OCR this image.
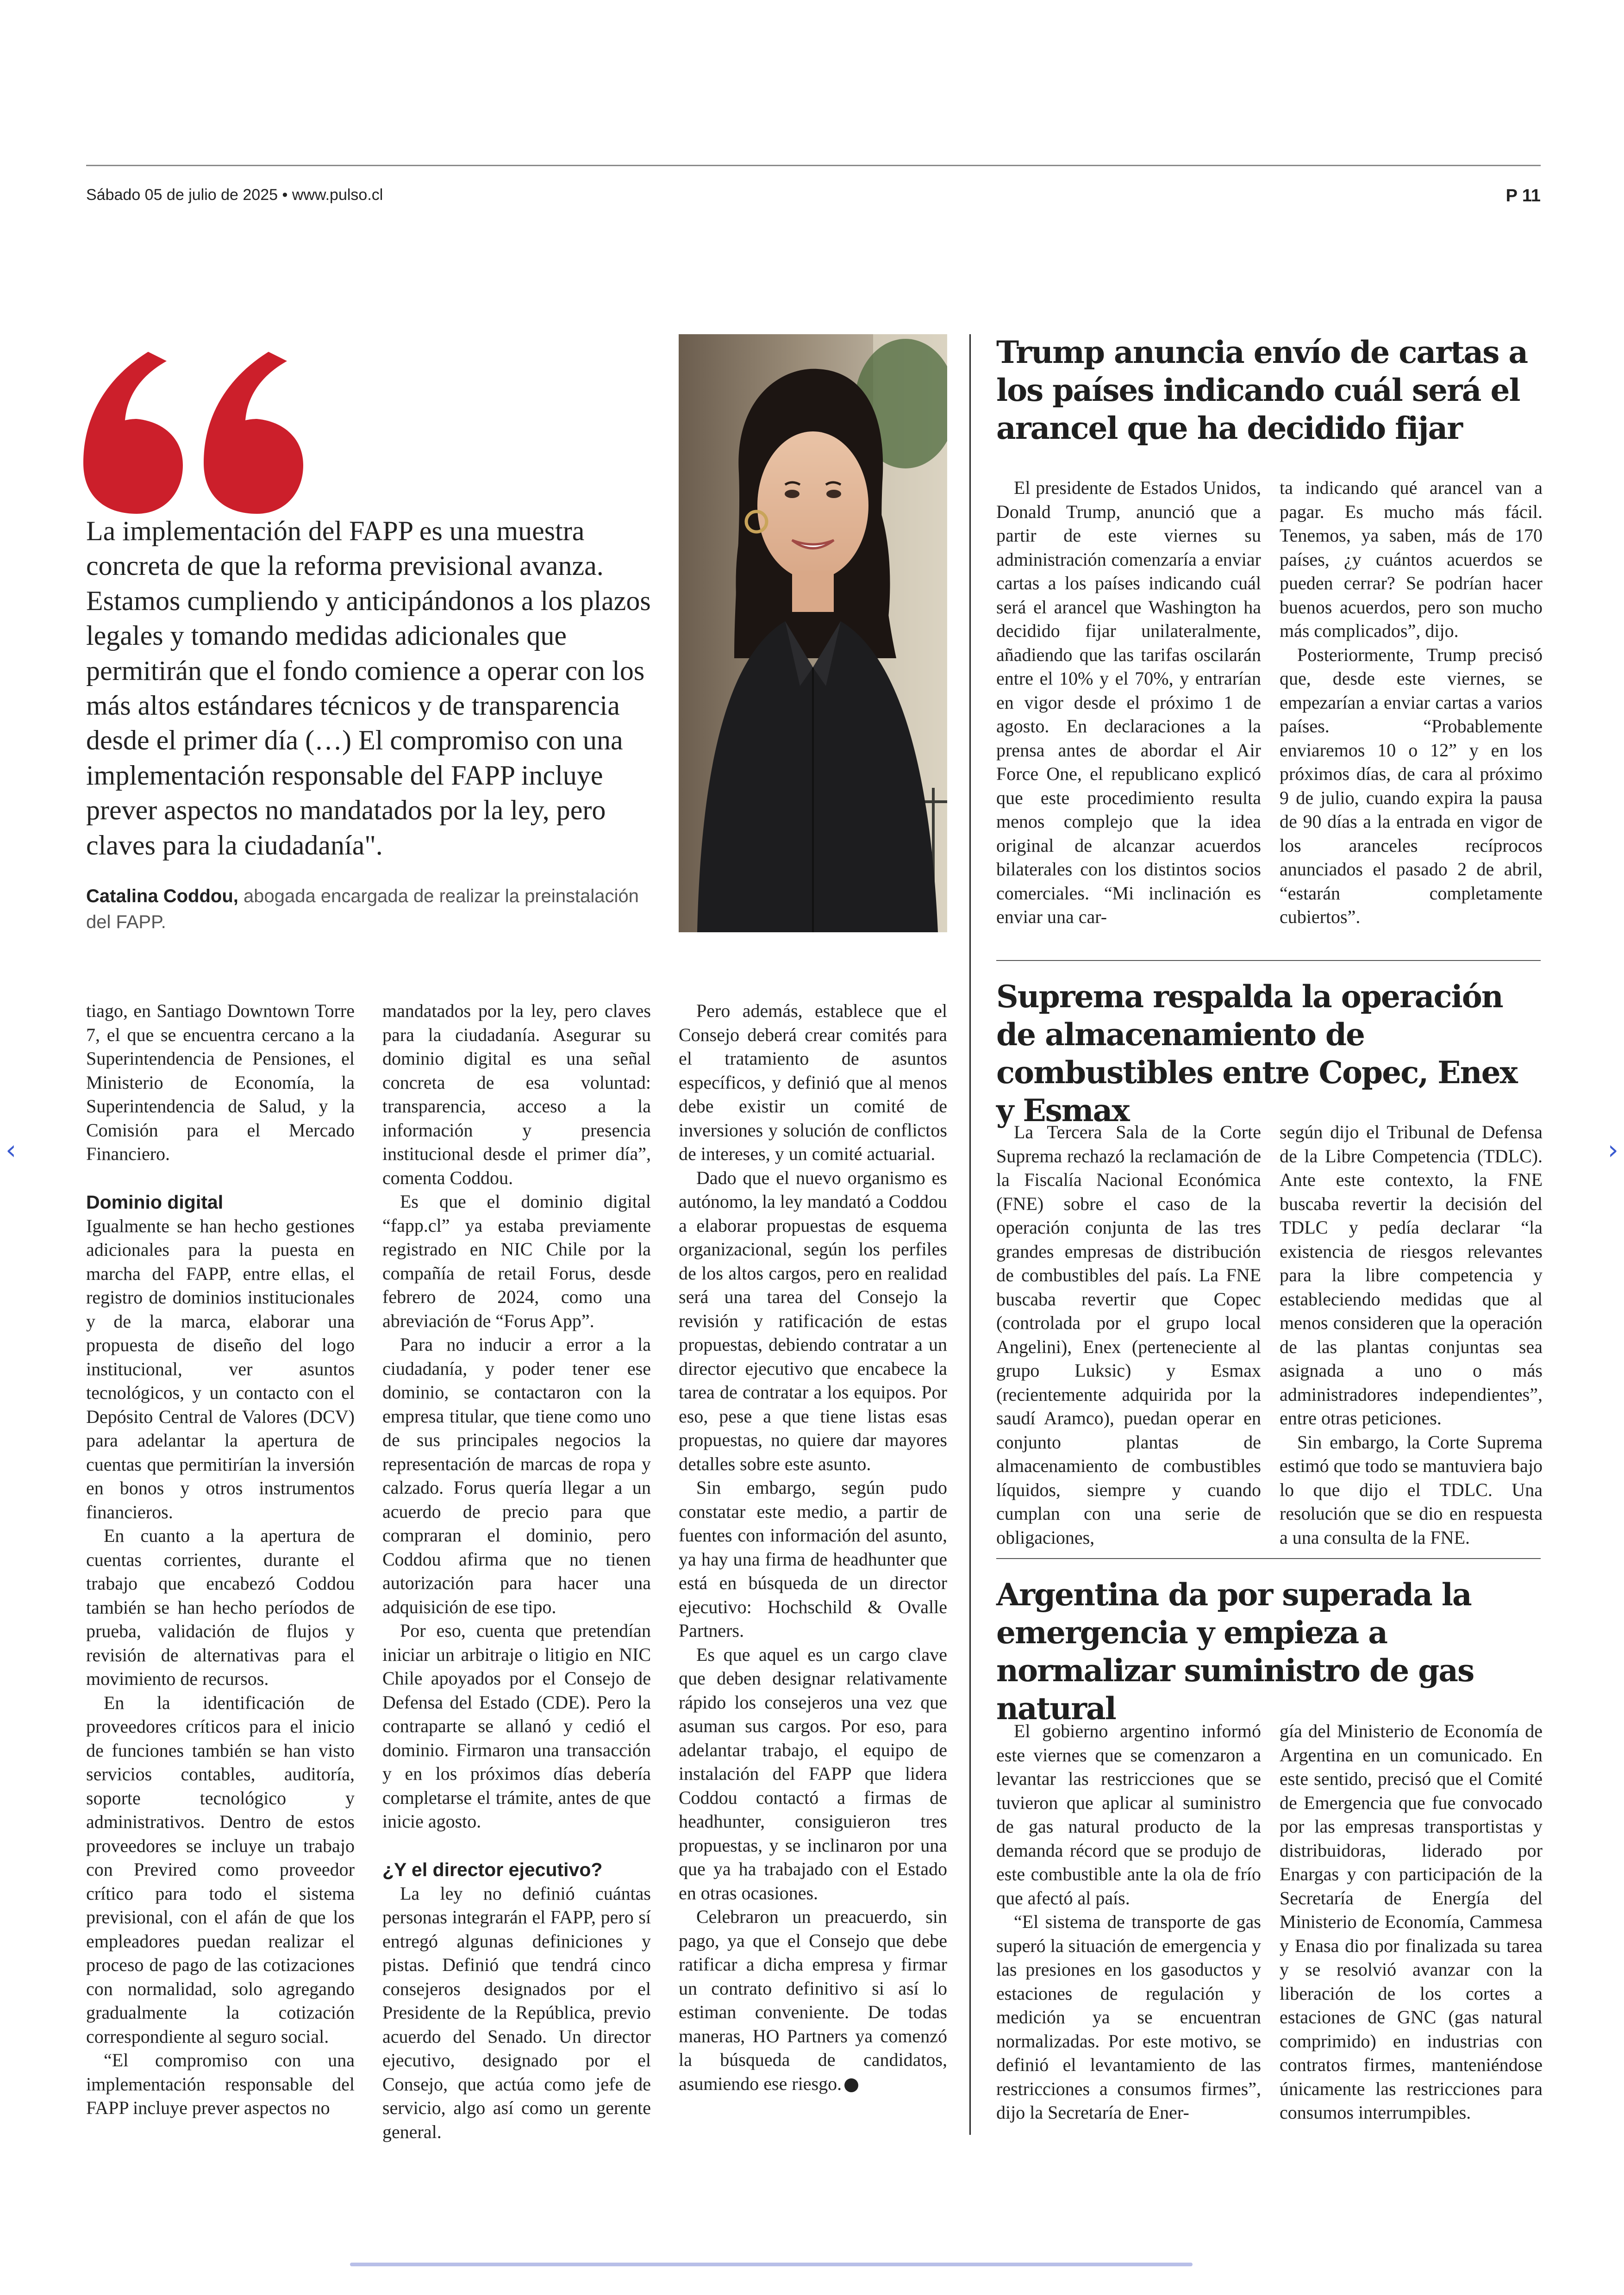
Sábado 05 de julio de 2025 • www.pulso.cl	P 11

La implementación del FAPP es una muestra concreta de que la reforma previsional avanza. Estamos cumpliendo y anticipándonos a los plazos legales y tomando medidas adicionales que permitirán que el fondo comience a operar con los más altos estándares técnicos y de transparencia desde el primer día (…) El compromiso con una implementación responsable del FAPP incluye prever aspectos no mandatados por la ley, pero claves para la ciudadanía".

Catalina Coddou, abogada encargada de realizar la preinstalación del FAPP.

tiago, en Santiago Downtown Torre 7, el que se encuentra cercano a la Superintendencia de Pensiones, el Ministerio de Economía, la Superintendencia de Salud, y la Comisión para el Mercado Financiero.

Dominio digital

Igualmente se han hecho gestiones adicionales para la puesta en marcha del FAPP, entre ellas, el registro de dominios institucionales y de la marca, elaborar una propuesta de diseño del logo institucional, ver asuntos tecnológicos, y un contacto con el Depósito Central de Valores (DCV) para adelantar la apertura de cuentas que permitirían la inversión en bonos y otros instrumentos financieros.

En cuanto a la apertura de cuentas corrientes, durante el trabajo que encabezó Coddou también se han hecho períodos de prueba, validación de flujos y revisión de alternativas para el movimiento de recursos.

En la identificación de proveedores críticos para el inicio de funciones también se han visto servicios contables, auditoría, soporte tecnológico y administrativos. Dentro de estos proveedores se incluye un trabajo con Previred como proveedor crítico para todo el sistema previsional, con el afán de que los empleadores puedan realizar el proceso de pago de las cotizaciones con normalidad, solo agregando gradualmente la cotización correspondiente al seguro social.

“El compromiso con una implementación responsable del FAPP incluye prever aspectos no

mandatados por la ley, pero claves para la ciudadanía. Asegurar su dominio digital es una señal concreta de esa voluntad: transparencia, acceso a la información y presencia institucional desde el primer día”, comenta Coddou.

Es que el dominio digital “fapp.cl” ya estaba previamente registrado en NIC Chile por la compañía de retail Forus, desde febrero de 2024, como una abreviación de “Forus App”.

Para no inducir a error a la ciudadanía, y poder tener ese dominio, se contactaron con la empresa titular, que tiene como uno de sus principales negocios la representación de marcas de ropa y calzado. Forus quería llegar a un acuerdo de precio para que compraran el dominio, pero Coddou afirma que no tienen autorización para hacer una adquisición de ese tipo.

Por eso, cuenta que pretendían iniciar un arbitraje o litigio en NIC Chile apoyados por el Consejo de Defensa del Estado (CDE). Pero la contraparte se allanó y cedió el dominio. Firmaron una transacción y en los próximos días debería completarse el trámite, antes de que inicie agosto.

¿Y el director ejecutivo?

La ley no definió cuántas personas integrarán el FAPP, pero sí entregó algunas definiciones y pistas. Definió que tendrá cinco consejeros designados por el Presidente de la República, previo acuerdo del Senado. Un director ejecutivo, designado por el Consejo, que actúa como jefe de servicio, algo así como un gerente general.

Pero además, establece que el Consejo deberá crear comités para el tratamiento de asuntos específicos, y definió que al menos debe existir un comité de inversiones y solución de conflictos de intereses, y un comité actuarial.

Dado que el nuevo organismo es autónomo, la ley mandató a Coddou a elaborar propuestas de esquema organizacional, según los perfiles de los altos cargos, pero en realidad será una tarea del Consejo la revisión y ratificación de estas propuestas, debiendo contratar a un director ejecutivo que encabece la tarea de contratar a los equipos. Por eso, pese a que tiene listas esas propuestas, no quiere dar mayores detalles sobre este asunto.

Sin embargo, según pudo constatar este medio, a partir de fuentes con información del asunto, ya hay una firma de headhunter que está en búsqueda de un director ejecutivo: Hochschild & Ovalle Partners.

Es que aquel es un cargo clave que deben designar relativamente rápido los consejeros una vez que asuman sus cargos. Por eso, para adelantar trabajo, el equipo de instalación del FAPP que lidera Coddou contactó a firmas de headhunter, consiguieron tres propuestas, y se inclinaron por una que ya ha trabajado con el Estado en otras ocasiones.

Celebraron un preacuerdo, sin pago, ya que el Consejo que debe ratificar a dicha empresa y firmar un contrato definitivo si así lo estiman conveniente. De todas maneras, HO Partners ya comenzó la búsqueda de candidatos, asumiendo ese riesgo.

Trump anuncia envío de cartas a los países indicando cuál será el arancel que ha decidido fijar

El presidente de Estados Unidos, Donald Trump, anunció que a partir de este viernes su administración comenzaría a enviar cartas a los países indicando cuál será el arancel que Washington ha decidido fijar unilateralmente, añadiendo que las tarifas oscilarán entre el 10% y el 70%, y entrarían en vigor desde el próximo 1 de agosto. En declaraciones a la prensa antes de abordar el Air Force One, el republicano explicó que este procedimiento resulta menos complejo que la idea original de alcanzar acuerdos bilaterales con los distintos socios comerciales. “Mi inclinación es enviar una car-

ta indicando qué arancel van a pagar. Es mucho más fácil. Tenemos, ya saben, más de 170 países, ¿y cuántos acuerdos se pueden cerrar? Se podrían hacer buenos acuerdos, pero son mucho más complicados”, dijo.

Posteriormente, Trump precisó que, desde este viernes, se empezarían a enviar cartas a varios países. “Probablemente enviaremos 10 o 12” y en los próximos días, de cara al próximo 9 de julio, cuando expira la pausa de 90 días a la entrada en vigor de los aranceles recíprocos anunciados el pasado 2 de abril, “estarán completamente cubiertos”.

Suprema respalda la operación de almacenamiento de combustibles entre Copec, Enex y Esmax

La Tercera Sala de la Corte Suprema rechazó la reclamación de la Fiscalía Nacional Económica (FNE) sobre el caso de la operación conjunta de las tres grandes empresas de distribución de combustibles del país. La FNE buscaba revertir que Copec (controlada por el grupo local Angelini), Enex (perteneciente al grupo Luksic) y Esmax (recientemente adquirida por la saudí Aramco), puedan operar en conjunto plantas de almacenamiento de combustibles líquidos, siempre y cuando cumplan con una serie de obligaciones,

según dijo el Tribunal de Defensa de la Libre Competencia (TDLC). Ante este contexto, la FNE buscaba revertir la decisión del TDLC y pedía declarar “la existencia de riesgos relevantes para la libre competencia y estableciendo medidas que al menos consideren que la operación de las plantas conjuntas sea asignada a uno o más administradores independientes”, entre otras peticiones.

Sin embargo, la Corte Suprema estimó que todo se mantuviera bajo lo que dijo el TDLC. Una resolución que se dio en respuesta a una consulta de la FNE.

Argentina da por superada la emergencia y empieza a normalizar suministro de gas natural

El gobierno argentino informó este viernes que se comenzaron a levantar las restricciones que se tuvieron que aplicar al suministro de gas natural producto de la demanda récord que se produjo de este combustible ante la ola de frío que afectó al país.

“El sistema de transporte de gas superó la situación de emergencia y las presiones en los gasoductos y estaciones de regulación y medición ya se encuentran normalizadas. Por este motivo, se definió el levantamiento de las restricciones a consumos firmes”, dijo la Secretaría de Ener-

gía del Ministerio de Economía de Argentina en un comunicado. En este sentido, precisó que el Comité de Emergencia que fue convocado por las empresas transportistas y distribuidoras, liderado por Enargas y con participación de la Secretaría de Energía del Ministerio de Economía, Cammesa y Enasa dio por finalizada su tarea y se resolvió avanzar con la liberación de los cortes a estaciones de GNC (gas natural comprimido) en industrias con contratos firmes, manteniéndose únicamente las restricciones para consumos interrumpibles.

‹	›
